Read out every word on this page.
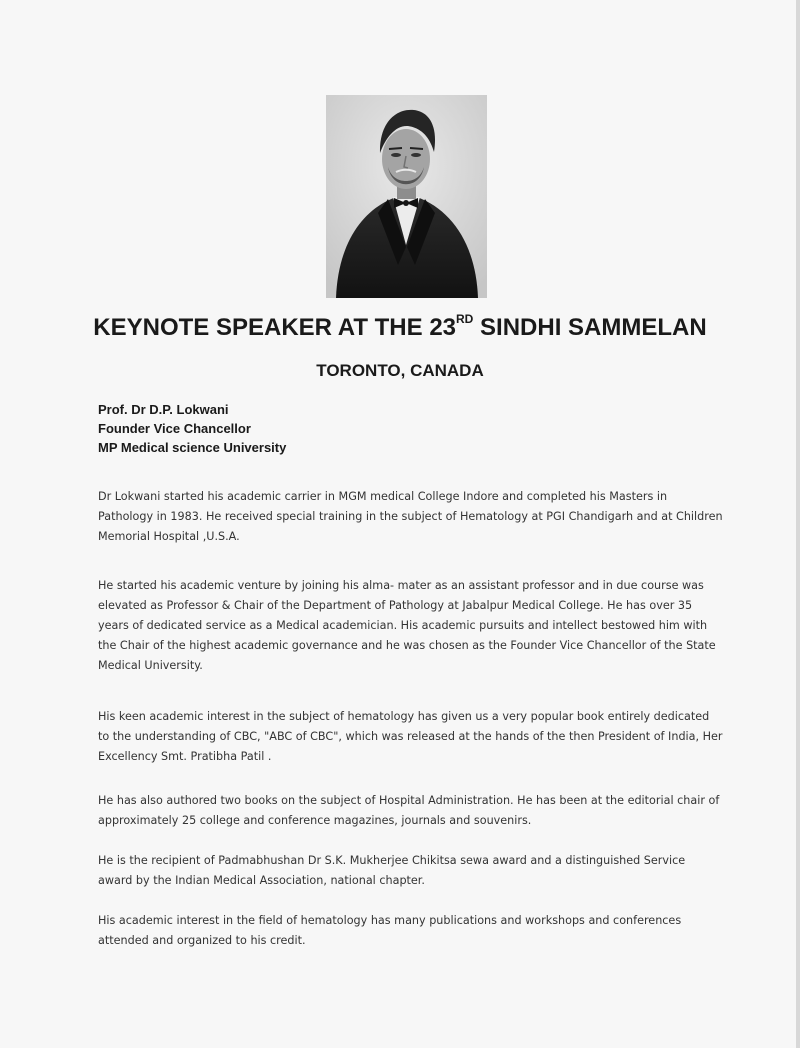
KEYNOTE SPEAKER AT THE 23RD SINDHI SAMMELAN
TORONTO, CANADA
Prof. Dr D.P. Lokwani
Founder Vice Chancellor
MP Medical science University
Dr Lokwani started his academic carrier in MGM medical College Indore and completed his Masters in Pathology in 1983. He received special training in the subject of Hematology at PGI Chandigarh and at Children Memorial Hospital ,U.S.A.
He started his academic venture by joining his alma- mater as an assistant professor and in due course was elevated as Professor & Chair of the Department of Pathology at Jabalpur Medical College. He has over 35 years of dedicated service as a Medical academician. His academic pursuits and intellect bestowed him with the Chair of the highest academic governance and he was chosen as the Founder Vice Chancellor of the State Medical University.
His keen academic interest in the subject of hematology has given us a very popular book entirely dedicated to the understanding of CBC, "ABC of CBC", which was released at the hands of the then President of India, Her Excellency Smt. Pratibha Patil .
He has also authored two books on the subject of Hospital Administration. He has been at the editorial chair of approximately 25 college and conference magazines, journals and souvenirs.
He is the recipient of Padmabhushan Dr S.K. Mukherjee Chikitsa sewa award and a distinguished Service award by the Indian Medical Association, national chapter.
His academic interest in the field of hematology has many publications and workshops and conferences attended and organized to his credit.
